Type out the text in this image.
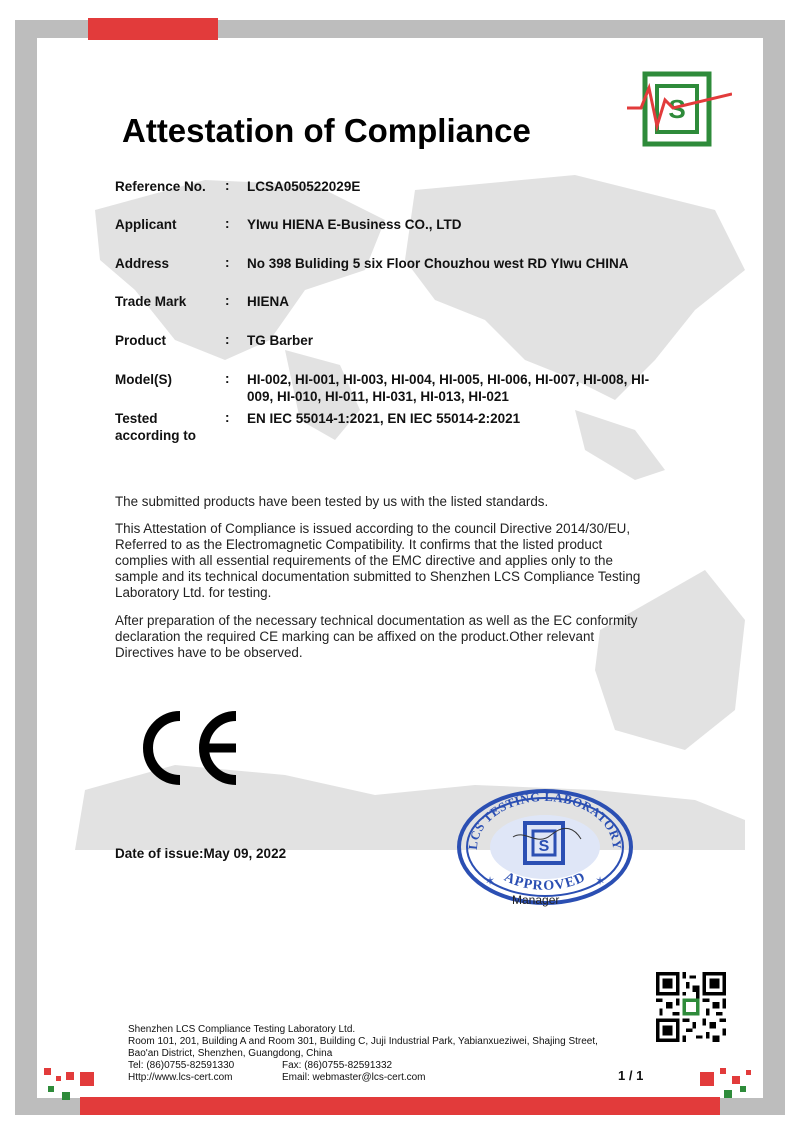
Attestation of Compliance
S
Reference No.	: LCSA050522029E
Applicant	: YIwu HIENA E-Business CO., LTD
Address	: No 398 Buliding 5 six Floor Chouzhou west RD YIwu CHINA
Trade Mark	: HIENA
Product	: TG Barber
Model(S)	: HI-002, HI-001, HI-003, HI-004, HI-005, HI-006, HI-007, HI-008, HI-009, HI-010, HI-011, HI-031, HI-013, HI-021
Tested according to
: EN IEC 55014-1:2021, EN IEC 55014-2:2021
The submitted products have been tested by us with the listed standards.
This Attestation of Compliance is issued according to the council Directive 2014/30/EU, Referred to as the Electromagnetic Compatibility. It confirms that the listed product complies with all essential requirements of the EMC directive and applies only to the sample and its technical documentation submitted to Shenzhen LCS Compliance Testing Laboratory Ltd. for testing.
After preparation of the necessary technical documentation as well as the EC conformity declaration the required CE marking can be affixed on the product.Other relevant Directives have to be observed.
Date of issue:May 09, 2022	S
LCS TESTING LABORATORY
APPROVED
✶	✶
Manager
Shenzhen LCS Compliance Testing Laboratory Ltd.
Room 101, 201, Building A and Room 301, Building C, Juji Industrial Park, Yabianxueziwei, Shajing Street,
Bao'an District, Shenzhen, Guangdong, China
Tel: (86)0755-82591330	Fax: (86)0755-82591332
Http://www.lcs-cert.com	Email: webmaster@lcs-cert.com	1 / 1
